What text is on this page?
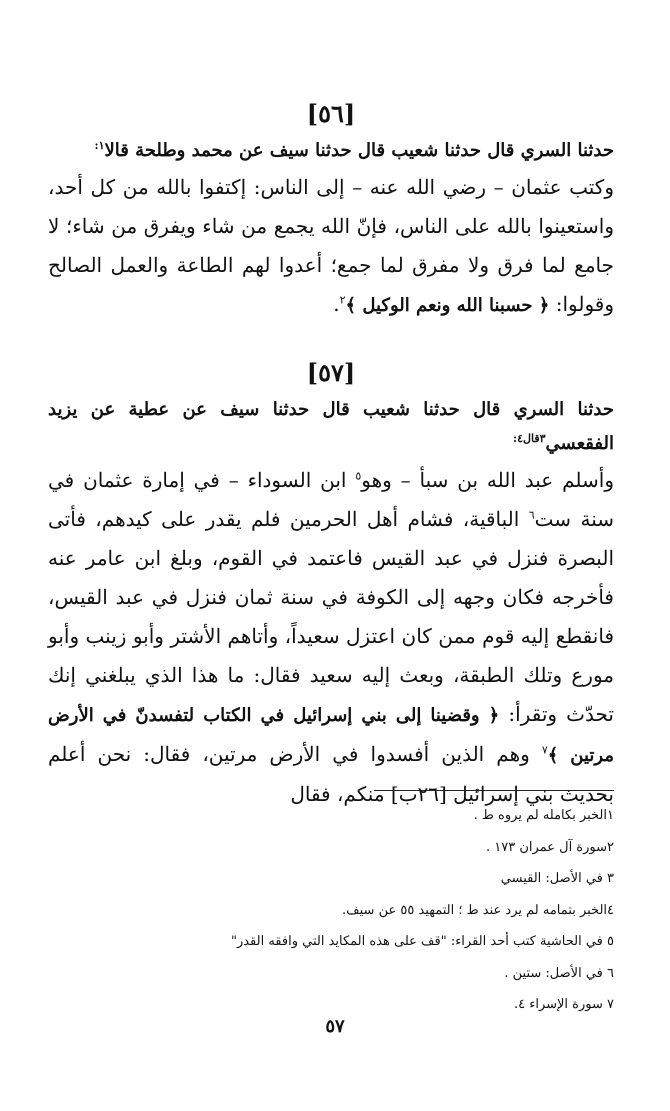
[٥٦]

حدثنا السري قال حدثنا شعيب قال حدثنا سيف عن محمد وطلحة قالا$^{١:}$

وكتب عثمان – رضي الله عنه – إلى الناس: إكتفوا بالله من كل أحد، واستعينوا بالله على الناس، فإنّ الله يجمع من شاء ويفرق من شاء؛ لا جامع لما فرق ولا مفرق لما جمع؛ أعدوا لهم الطاعة والعمل الصالح وقولوا: ﴿ حسبنا الله ونعم الوكيل ﴾$^٢$.

[٥٧]

حدثنا السري قال حدثنا شعيب قال حدثنا سيف عن عطية عن يزيد الفقعسي$^{٣قال٤:}$

وأسلم عبد الله بن سبأ – وهو$^٥$ ابن السوداء – في إمارة عثمان في سنة ست$^٦$ الباقية، فشام أهل الحرمين فلم يقدر على كيدهم، فأتى البصرة فنزل في عبد القيس فاعتمد في القوم، وبلغ ابن عامر عنه فأخرجه فكان وجهه إلى الكوفة في سنة ثمان فنزل في عبد القيس، فانقطع إليه قوم ممن كان اعتزل سعيداً، وأتاهم الأشتر وأبو زينب وأبو مورع وتلك الطبقة، وبعث إليه سعيد فقال: ما هذا الذي يبلغني إنك تحدّث وتقرأ: ﴿ وقضينا إلى بني إسرائيل في الكتاب لتفسدنّ في الأرض مرتين ﴾$^٧$ وهم الذين أفسدوا في الأرض مرتين، فقال: نحن أعلم بحديث بني إسرائيل [٢٦ب] منكم، فقال

١الخبر بكامله لم يروه ط .
٢سورة آل عمران ١٧٣ .
٣ في الأصل: القيسي
٤الخبر بتمامه لم يرد عند ط ؛ التمهيد ٥٥ عن سيف.
٥ في الحاشية كتب أحد القراء: "قف على هذه المكايد التي وافقه القدر"
٦ في الأصل: ستين .
٧ سورة الإسراء ٤.
٥٧
